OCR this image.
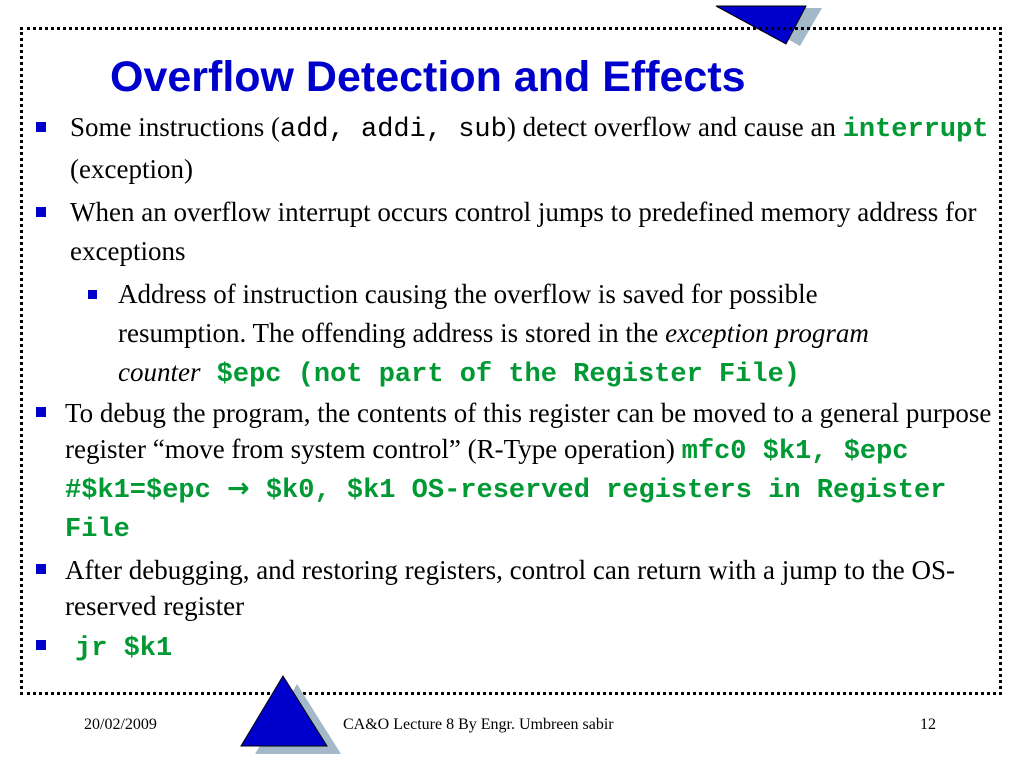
Overflow Detection and Effects
Some instructions (add, addi, sub) detect overflow and cause an interrupt (exception)
When an overflow interrupt occurs control jumps to predefined memory address for exceptions
Address of instruction causing the overflow is saved for possible resumption. The offending address is stored in the exception program counter $epc (not part of the Register File)
To debug the program, the contents of this register can be moved to a general purpose register “move from system control” (R-Type operation) mfc0 $k1, $epc #$k1=$epc → $k0, $k1 OS-reserved registers in Register File
After debugging, and restoring registers, control can return with a jump to the OS-reserved register
jr $k1
20/02/2009	CA&O Lecture 8 By Engr. Umbreen sabir	12
